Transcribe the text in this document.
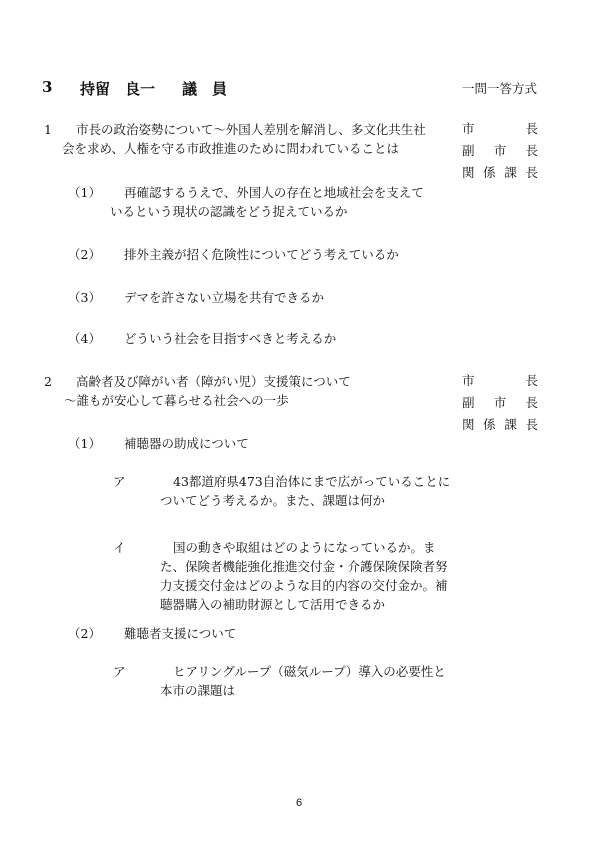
3 持留　良一 議　員	一問一答方式
1 市長の政治姿勢について～外国人差別を解消し、多文化共生社
会を求め、人権を守る市政推進のために問われていることは
市	長
副 市 長
関 係 課 長
（1） 再確認するうえで、外国人の存在と地域社会を支えて
いるという現状の認識をどう捉えているか
（2） 排外主義が招く危険性についてどう考えているか
（3） デマを許さない立場を共有できるか
（4） どういう社会を目指すべきと考えるか
2 高齢者及び障がい者（障がい児）支援策について
～誰もが安心して暮らせる社会への一歩
市	長
副 市 長
関 係 課 長
（1） 補聴器の助成について
ア	43都道府県473自治体にまで広がっていることに
ついてどう考えるか。また、課題は何か
イ	国の動きや取組はどのようになっているか。ま
た、保険者機能強化推進交付金・介護保険保険者努
力支援交付金はどのような目的内容の交付金か。補
聴器購入の補助財源として活用できるか
（2） 難聴者支援について
ア	ヒアリングループ（磁気ループ）導入の必要性と
本市の課題は
6
